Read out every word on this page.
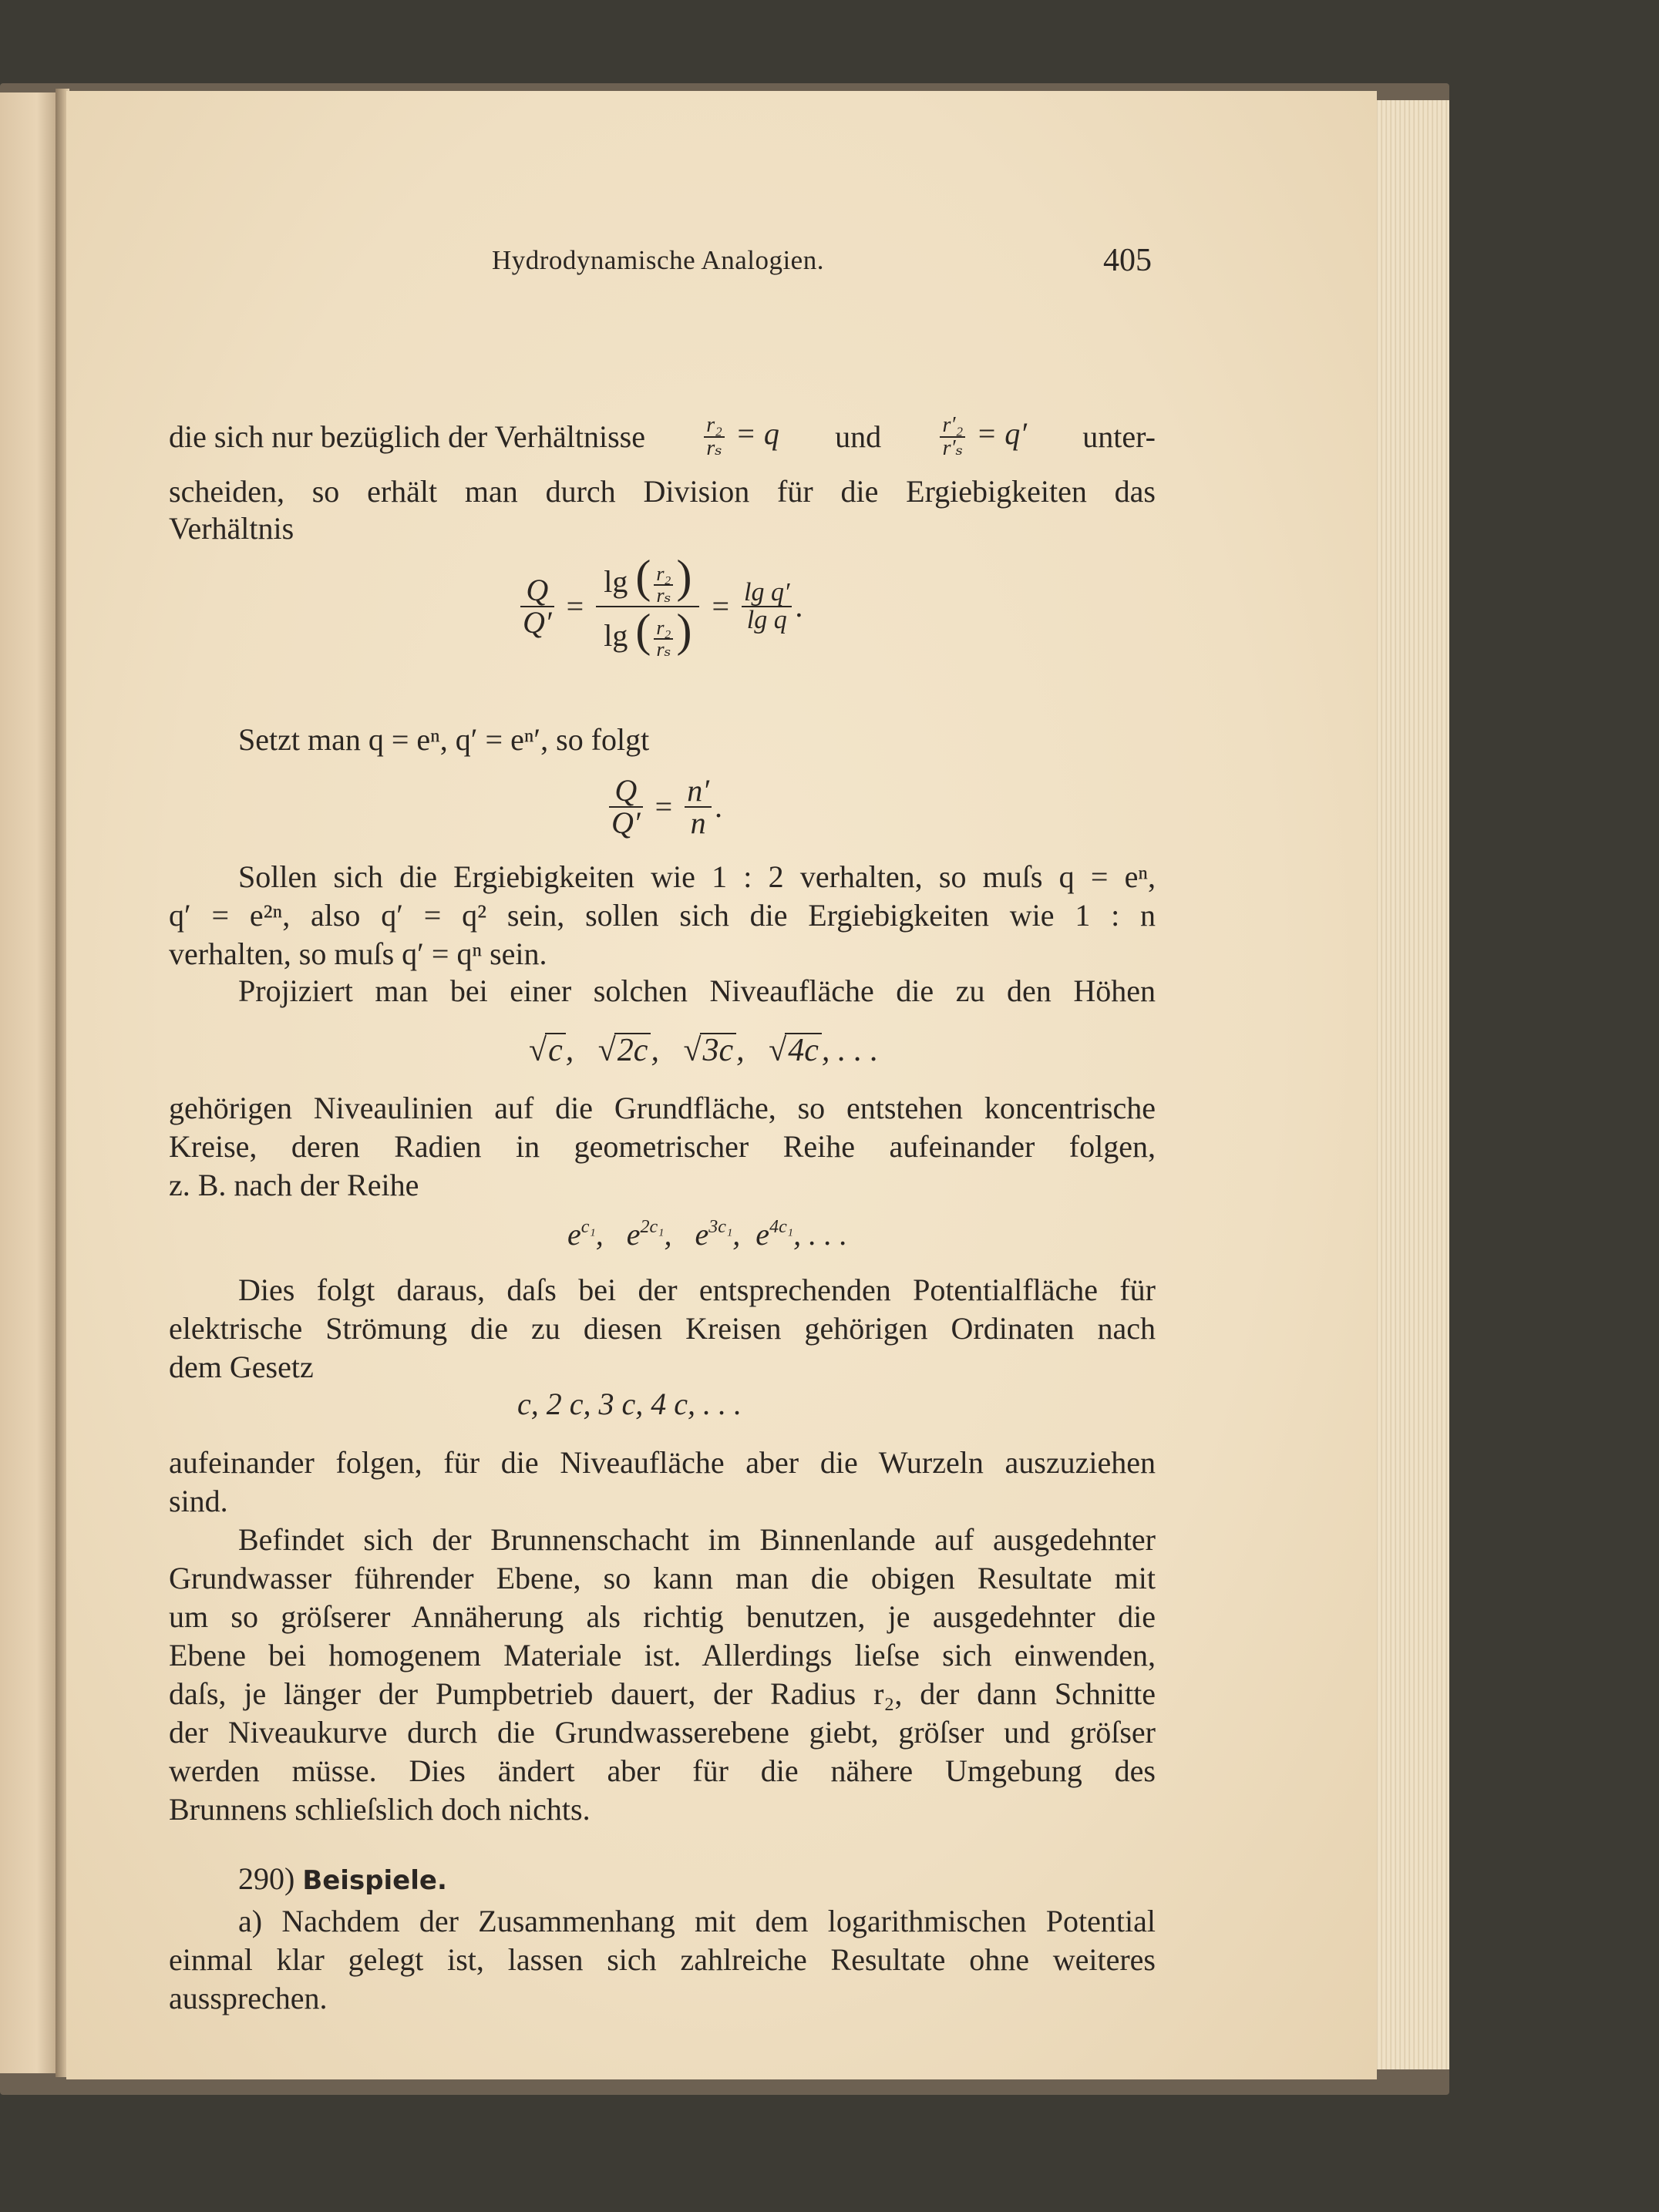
Hydrodynamische Analogien.	405
die sich nur bezüglich der Verhältnisse	$\frac{\text{r₂}}{\text{rₛ}} = q$ und	$\frac{\text{r′₂}}{\text{r′ₛ}} = q'$ unter-
scheiden, so erhält man durch Division für die Ergiebigkeiten das
Verhältnis
$\frac{Q}{Q'} = \frac{\lg ( \frac{\text{r₂}}{\text{rₛ}} )}{\lg ( \frac{\text{r₂}}{\text{rₛ}} )} = \frac{\text{lg q′}}{\text{lg q}}$ .
Setzt man q = eⁿ, q′ = eⁿ′, so folgt
$\frac{Q}{Q'} = \frac{n'}{n}$ .
Sollen sich die Ergiebigkeiten wie 1 : 2 verhalten, so muſs q = eⁿ,
q′ = e²ⁿ, also q′ = q² sein, sollen sich die Ergiebigkeiten wie 1 : n
verhalten, so muſs q′ = qⁿ sein.
Projiziert man bei einer solchen Niveaufläche die zu den Höhen
√c,   √2c,   √3c,   √4c, . . .
gehörigen Niveaulinien auf die Grundfläche, so entstehen koncentrische
Kreise, deren Radien in geometrischer Reihe aufeinander folgen,
z. B. nach der Reihe
$e^{c_1}$,   $e^{2c_1}$,   $e^{3c_1}$,  $e^{4c_1}$, . . .
Dies folgt daraus, daſs bei der entsprechenden Potentialfläche für
elektrische Strömung die zu diesen Kreisen gehörigen Ordinaten nach
dem Gesetz
c, 2 c, 3 c, 4 c, . . .
aufeinander folgen, für die Niveaufläche aber die Wurzeln auszuziehen
sind.
Befindet sich der Brunnenschacht im Binnenlande auf ausgedehnter
Grundwasser führender Ebene, so kann man die obigen Resultate mit
um so gröſserer Annäherung als richtig benutzen, je ausgedehnter die
Ebene bei homogenem Materiale ist. Allerdings lieſse sich einwenden,
daſs, je länger der Pumpbetrieb dauert, der Radius r₂, der dann Schnitte
der Niveaukurve durch die Grundwasserebene giebt, gröſser und gröſser
werden müsse. Dies ändert aber für die nähere Umgebung des
Brunnens schlieſslich doch nichts.
290) Beispiele.
a) Nachdem der Zusammenhang mit dem logarithmischen Potential
einmal klar gelegt ist, lassen sich zahlreiche Resultate ohne weiteres
aussprechen.
